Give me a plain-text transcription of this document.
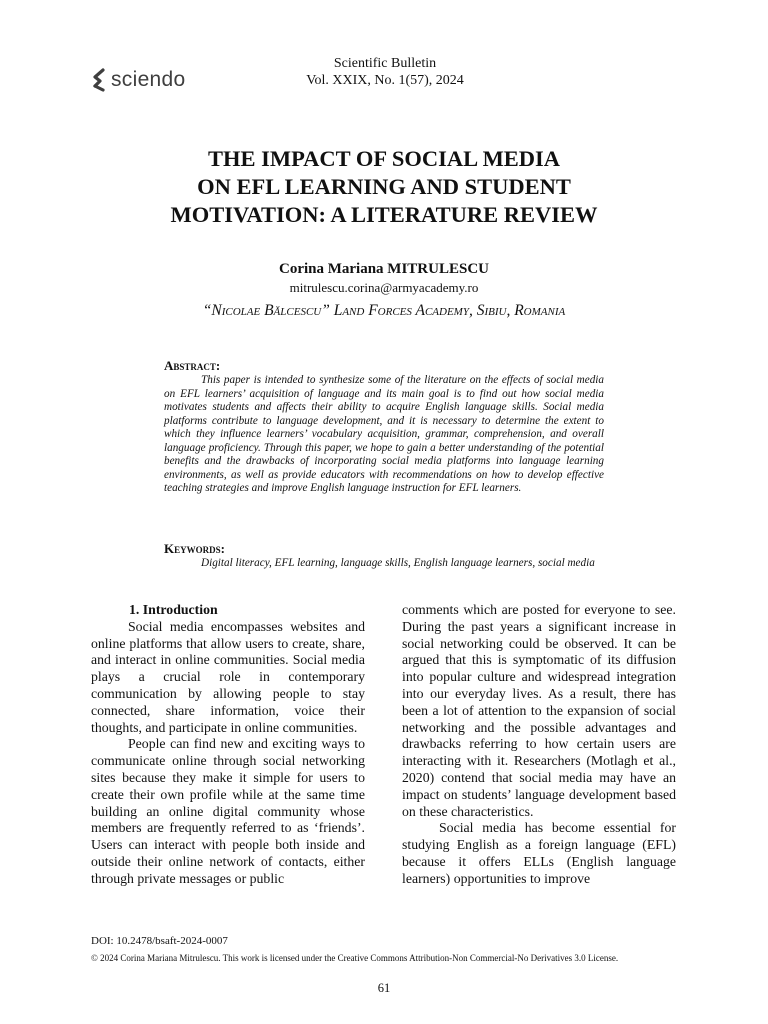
sciendo
Scientific Bulletin
Vol. XXIX, No. 1(57), 2024
THE IMPACT OF SOCIAL MEDIA
ON EFL LEARNING AND STUDENT
MOTIVATION: A LITERATURE REVIEW
Corina Mariana MITRULESCU
mitrulescu.corina@armyacademy.ro
“Nicolae Bălcescu” Land Forces Academy, Sibiu, Romania
Abstract:
This paper is intended to synthesize some of the literature on the effects of social media on EFL learners’ acquisition of language and its main goal is to find out how social media motivates students and affects their ability to acquire English language skills. Social media platforms contribute to language development, and it is necessary to determine the extent to which they influence learners’ vocabulary acquisition, grammar, comprehension, and overall language proficiency. Through this paper, we hope to gain a better understanding of the potential benefits and the drawbacks of incorporating social media platforms into language learning environments, as well as provide educators with recommendations on how to develop effective teaching strategies and improve English language instruction for EFL learners.
Keywords:
Digital literacy, EFL learning, language skills, English language learners, social media
1. Introduction

Social media encompasses websites and online platforms that allow users to create, share, and interact in online communities. Social media plays a crucial role in contemporary communication by allowing people to stay connected, share information, voice their thoughts, and participate in online communities.

People can find new and exciting ways to communicate online through social networking sites because they make it simple for users to create their own profile while at the same time building an online digital community whose members are frequently referred to as ‘friends’. Users can interact with people both inside and outside their online network of contacts, either through private messages or public

comments which are posted for everyone to see. During the past years a significant increase in social networking could be observed. It can be argued that this is symptomatic of its diffusion into popular culture and widespread integration into our everyday lives. As a result, there has been a lot of attention to the expansion of social networking and the possible advantages and drawbacks referring to how certain users are interacting with it. Researchers (Motlagh et al., 2020) contend that social media may have an impact on students’ language development based on these characteristics.

Social media has become essential for studying English as a foreign language (EFL) because it offers ELLs (English language learners) opportunities to improve

DOI: 10.2478/bsaft-2024-0007
© 2024 Corina Mariana Mitrulescu. This work is licensed under the Creative Commons Attribution-Non Commercial-No Derivatives 3.0 License.
61
